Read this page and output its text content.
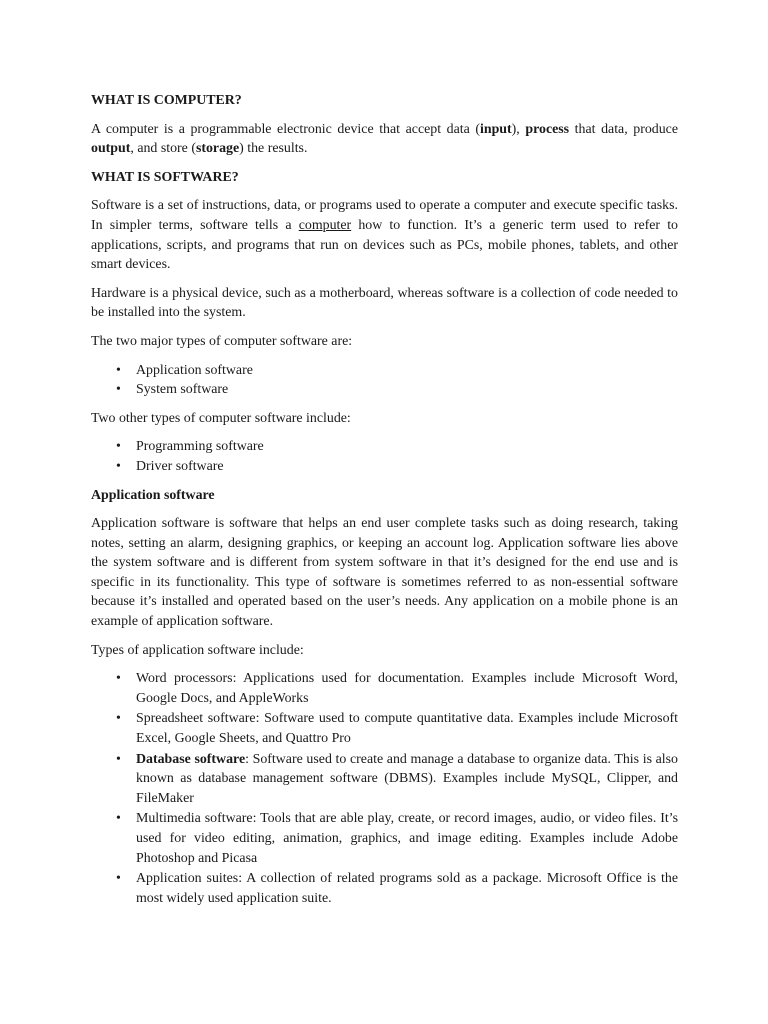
WHAT IS COMPUTER?

A computer is a programmable electronic device that accept data (input), process that data, produce output, and store (storage) the results.

WHAT IS SOFTWARE?

Software is a set of instructions, data, or programs used to operate a computer and execute specific tasks. In simpler terms, software tells a computer how to function. It’s a generic term used to refer to applications, scripts, and programs that run on devices such as PCs, mobile phones, tablets, and other smart devices.

Hardware is a physical device, such as a motherboard, whereas software is a collection of code needed to be installed into the system.

The two major types of computer software are:

• Application software
• System software

Two other types of computer software include:

• Programming software
• Driver software
Application software

Application software is software that helps an end user complete tasks such as doing research, taking notes, setting an alarm, designing graphics, or keeping an account log. Application software lies above the system software and is different from system software in that it’s designed for the end use and is specific in its functionality. This type of software is sometimes referred to as non-essential software because it’s installed and operated based on the user’s needs. Any application on a mobile phone is an example of application software.

Types of application software include:

• Word processors: Applications used for documentation. Examples include Microsoft Word, Google Docs, and AppleWorks
• Spreadsheet software: Software used to compute quantitative data. Examples include Microsoft Excel, Google Sheets, and Quattro Pro
• Database software: Software used to create and manage a database to organize data. This is also known as database management software (DBMS). Examples include MySQL, Clipper, and FileMaker
• Multimedia software: Tools that are able play, create, or record images, audio, or video files. It’s used for video editing, animation, graphics, and image editing. Examples include Adobe Photoshop and Picasa
• Application suites: A collection of related programs sold as a package. Microsoft Office is the most widely used application suite.
